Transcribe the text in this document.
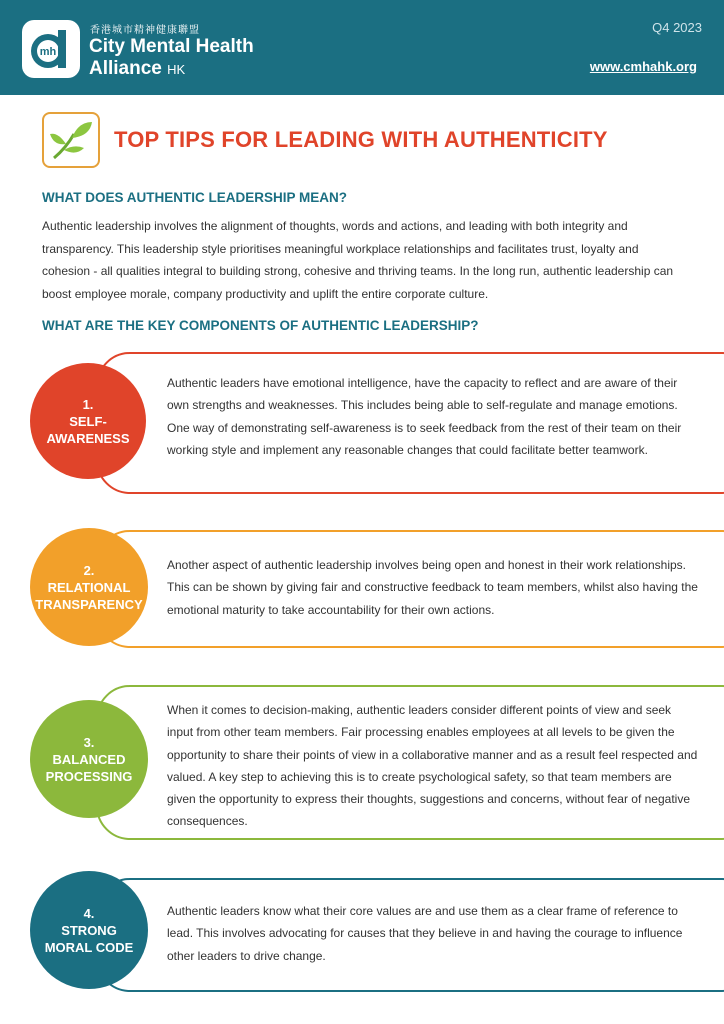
mh
香港城市精神健康聯盟
City Mental Health
Alliance HK
Q4 2023
www.cmhahk.org
TOP TIPS FOR LEADING WITH AUTHENTICITY
WHAT DOES AUTHENTIC LEADERSHIP MEAN?
Authentic leadership involves the alignment of thoughts, words and actions, and leading with both integrity and transparency. This leadership style prioritises meaningful workplace relationships and facilitates trust, loyalty and cohesion - all qualities integral to building strong, cohesive and thriving teams. In the long run, authentic leadership can boost employee morale, company productivity and uplift the entire corporate culture.
WHAT ARE THE KEY COMPONENTS OF AUTHENTIC LEADERSHIP?
1.
SELF-
AWARENESS
Authentic leaders have emotional intelligence, have the capacity to reflect and are aware of their own strengths and weaknesses. This includes being able to self-regulate and manage emotions. One way of demonstrating self-awareness is to seek feedback from the rest of their team on their working style and implement any reasonable changes that could facilitate better teamwork.
2.
RELATIONAL
TRANSPARENCY
Another aspect of authentic leadership involves being open and honest in their work relationships. This can be shown by giving fair and constructive feedback to team members, whilst also having the emotional maturity to take accountability for their own actions.
3.
BALANCED
PROCESSING
When it comes to decision-making, authentic leaders consider different points of view and seek input from other team members. Fair processing enables employees at all levels to be given the opportunity to share their points of view in a collaborative manner and as a result feel respected and valued. A key step to achieving this is to create psychological safety, so that team members are given the opportunity to express their thoughts, suggestions and concerns, without fear of negative consequences.
4.
STRONG
MORAL CODE
Authentic leaders know what their core values are and use them as a clear frame of reference to lead. This involves advocating for causes that they believe in and having the courage to influence other leaders to drive change.
